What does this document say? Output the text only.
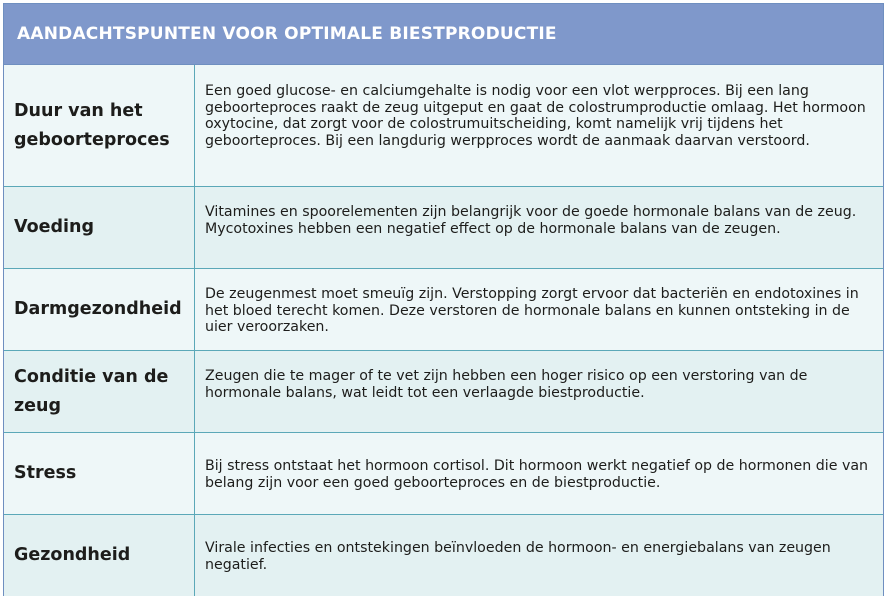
AANDACHTSPUNTEN VOOR OPTIMALE BIESTPRODUCTIE
Duur van het geboorteproces
Een goed glucose- en calciumgehalte is nodig voor een vlot werpproces. Bij een lang geboorteproces raakt de zeug uitgeput en gaat de colostrumproductie omlaag. Het hormoon oxytocine, dat zorgt voor de colostrumuitscheiding, komt namelijk vrij tijdens het geboorteproces. Bij een langdurig werpproces wordt de aanmaak daarvan verstoord.
Voeding
Vitamines en spoorelementen zijn belangrijk voor de goede hormonale balans van de zeug. Mycotoxines hebben een negatief effect op de hormonale balans van de zeugen.
Darmgezondheid
De zeugenmest moet smeuïg zijn. Verstopping zorgt ervoor dat bacteriën en endotoxines in het bloed terecht komen. Deze verstoren de hormonale balans en kunnen ontsteking in de uier veroorzaken.
Conditie van de zeug
Zeugen die te mager of te vet zijn hebben een hoger risico op een verstoring van de hormonale balans, wat leidt tot een verlaagde biestproductie.
Stress	Bij stress ontstaat het hormoon cortisol. Dit hormoon werkt negatief op de hormonen die van belang zijn voor een goed geboorteproces en de biestproductie.
Gezondheid	Virale infecties en ontstekingen beïnvloeden de hormoon- en energiebalans van zeugen negatief.
